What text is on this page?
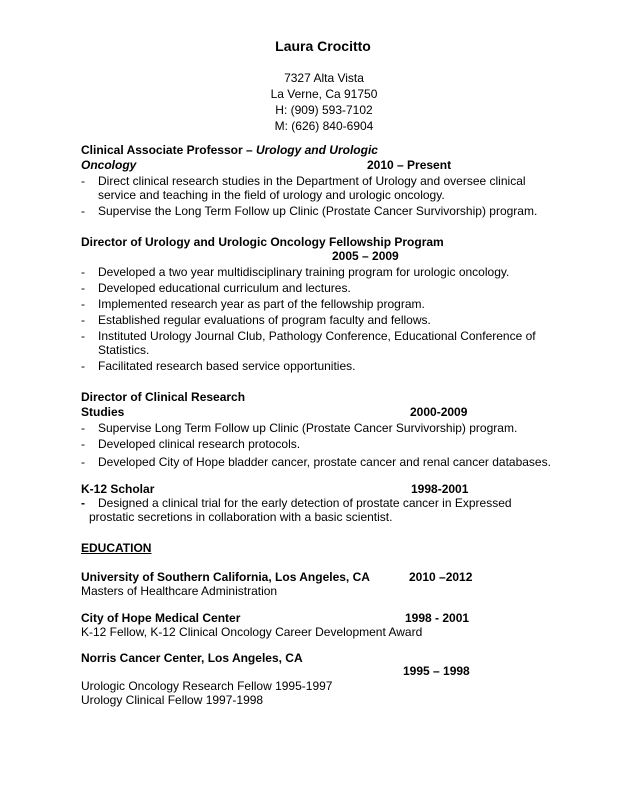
Laura Crocitto
7327 Alta Vista
La Verne, Ca 91750
H: (909) 593-7102
M: (626) 840-6904
Clinical Associate Professor – Urology and Urologic
Oncology	2010 – Present
- Direct clinical research studies in the Department of Urology and oversee clinical service and teaching in the field of urology and urologic oncology.
- Supervise the Long Term Follow up Clinic (Prostate Cancer Survivorship) program.
Director of Urology and Urologic Oncology Fellowship Program
2005 – 2009
- Developed a two year multidisciplinary training program for urologic oncology.
- Developed educational curriculum and lectures.
- Implemented research year as part of the fellowship program.
- Established regular evaluations of program faculty and fellows.
- Instituted Urology Journal Club, Pathology Conference, Educational Conference of Statistics.
- Facilitated research based service opportunities.
Director of Clinical Research
Studies	2000-2009
- Supervise Long Term Follow up Clinic (Prostate Cancer Survivorship) program.
- Developed clinical research protocols.
- Developed City of Hope bladder cancer, prostate cancer and renal cancer databases.
K-12 Scholar	1998-2001
-	Designed a clinical trial for the early detection of prostate cancer in Expressed prostatic secretions in collaboration with a basic scientist.
EDUCATION
University of Southern California, Los Angeles, CA	2010 –2012
Masters of Healthcare Administration
City of Hope Medical Center	1998 - 2001
K-12 Fellow, K-12 Clinical Oncology Career Development Award
Norris Cancer Center, Los Angeles, CA
1995 – 1998
Urologic Oncology Research Fellow 1995-1997
Urology Clinical Fellow 1997-1998
